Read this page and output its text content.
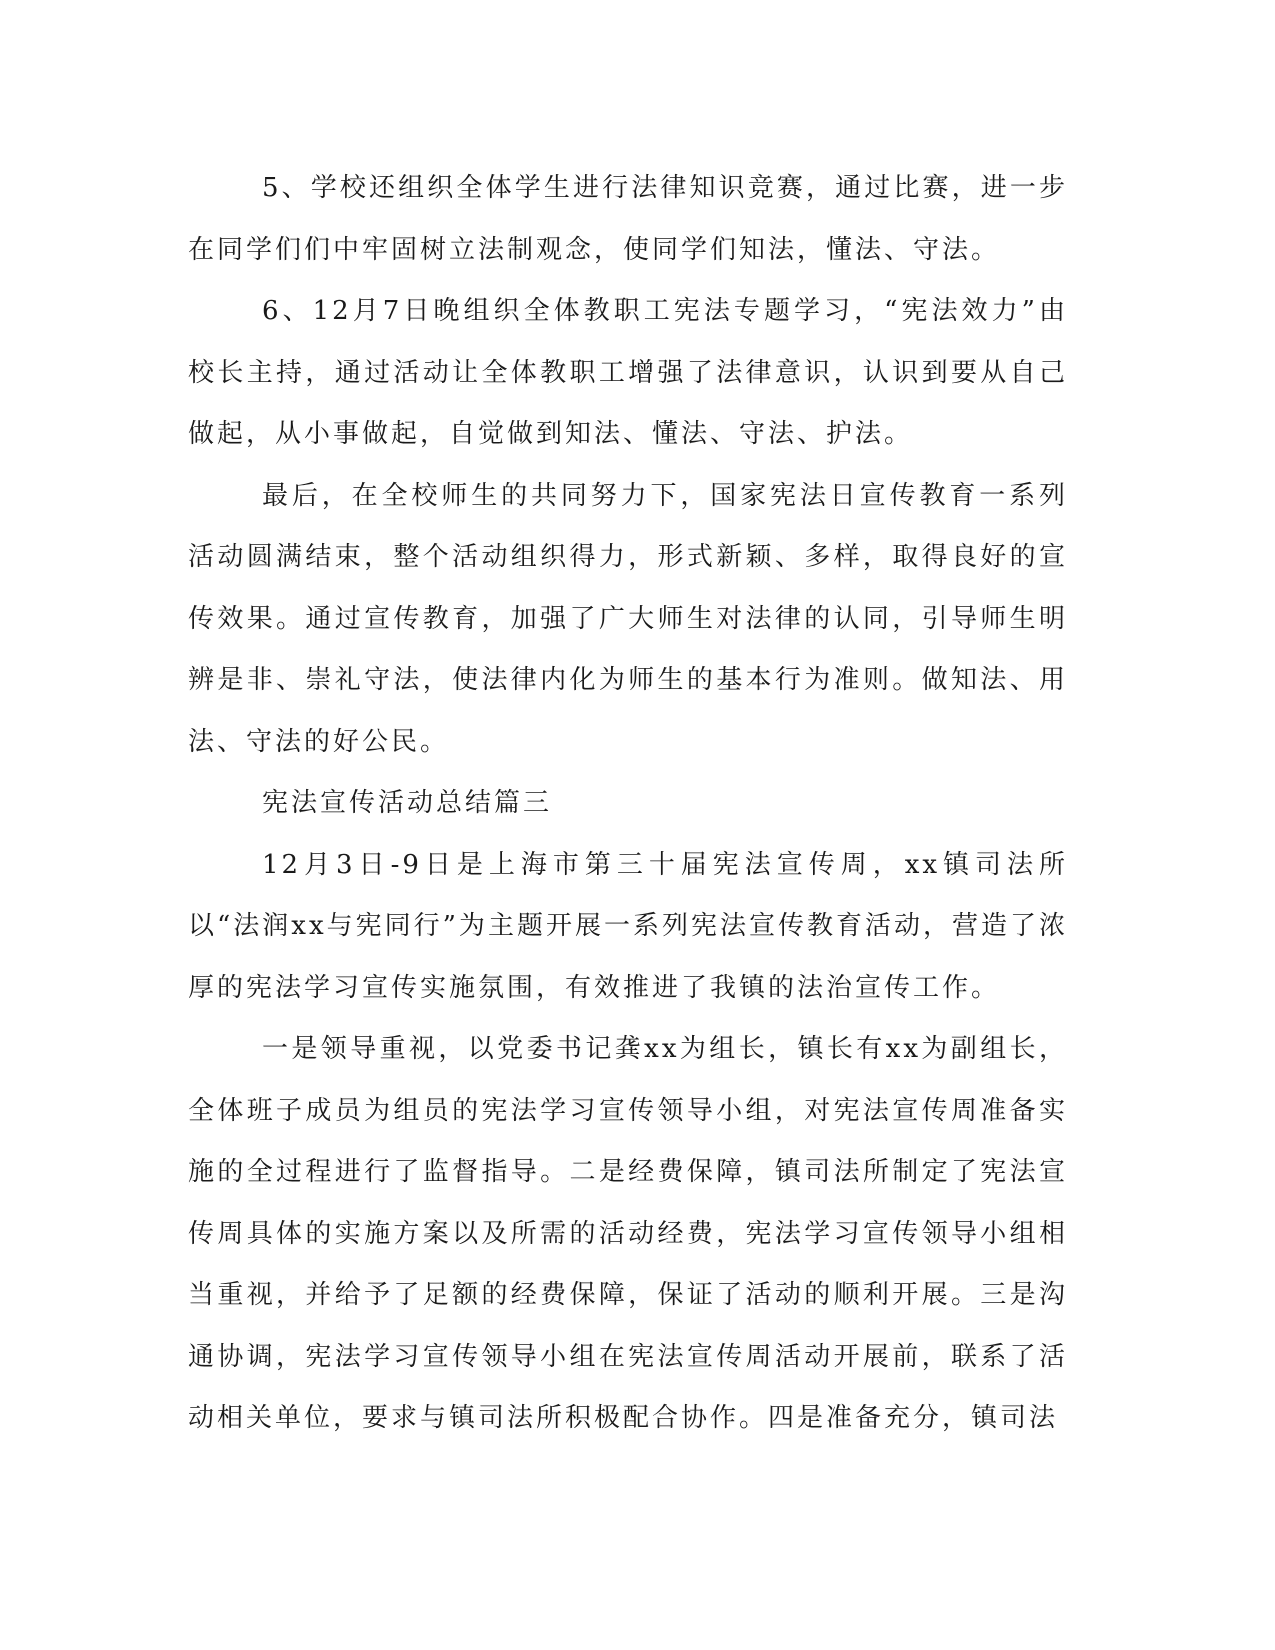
5、学校还组织全体学生进行法律知识竞赛，通过比赛，进一步在同学们们中牢固树立法制观念，使同学们知法，懂法、守法。

6、12月7日晚组织全体教职工宪法专题学习，“宪法效力”由校长主持，通过活动让全体教职工增强了法律意识，认识到要从自己做起，从小事做起，自觉做到知法、懂法、守法、护法。

最后，在全校师生的共同努力下，国家宪法日宣传教育一系列活动圆满结束，整个活动组织得力，形式新颖、多样，取得良好的宣传效果。通过宣传教育，加强了广大师生对法律的认同，引导师生明辨是非、崇礼守法，使法律内化为师生的基本行为准则。做知法、用法、守法的好公民。

宪法宣传活动总结篇三

12月3日-9日是上海市第三十届宪法宣传周，xx镇司法所以“法润xx与宪同行”为主题开展一系列宪法宣传教育活动，营造了浓厚的宪法学习宣传实施氛围，有效推进了我镇的法治宣传工作。

一是领导重视，以党委书记龚xx为组长，镇长有xx为副组长，全体班子成员为组员的宪法学习宣传领导小组，对宪法宣传周准备实施的全过程进行了监督指导。二是经费保障，镇司法所制定了宪法宣传周具体的实施方案以及所需的活动经费，宪法学习宣传领导小组相当重视，并给予了足额的经费保障，保证了活动的顺利开展。三是沟通协调，宪法学习宣传领导小组在宪法宣传周活动开展前，联系了活动相关单位，要求与镇司法所积极配合协作。四是准备充分，镇司法
